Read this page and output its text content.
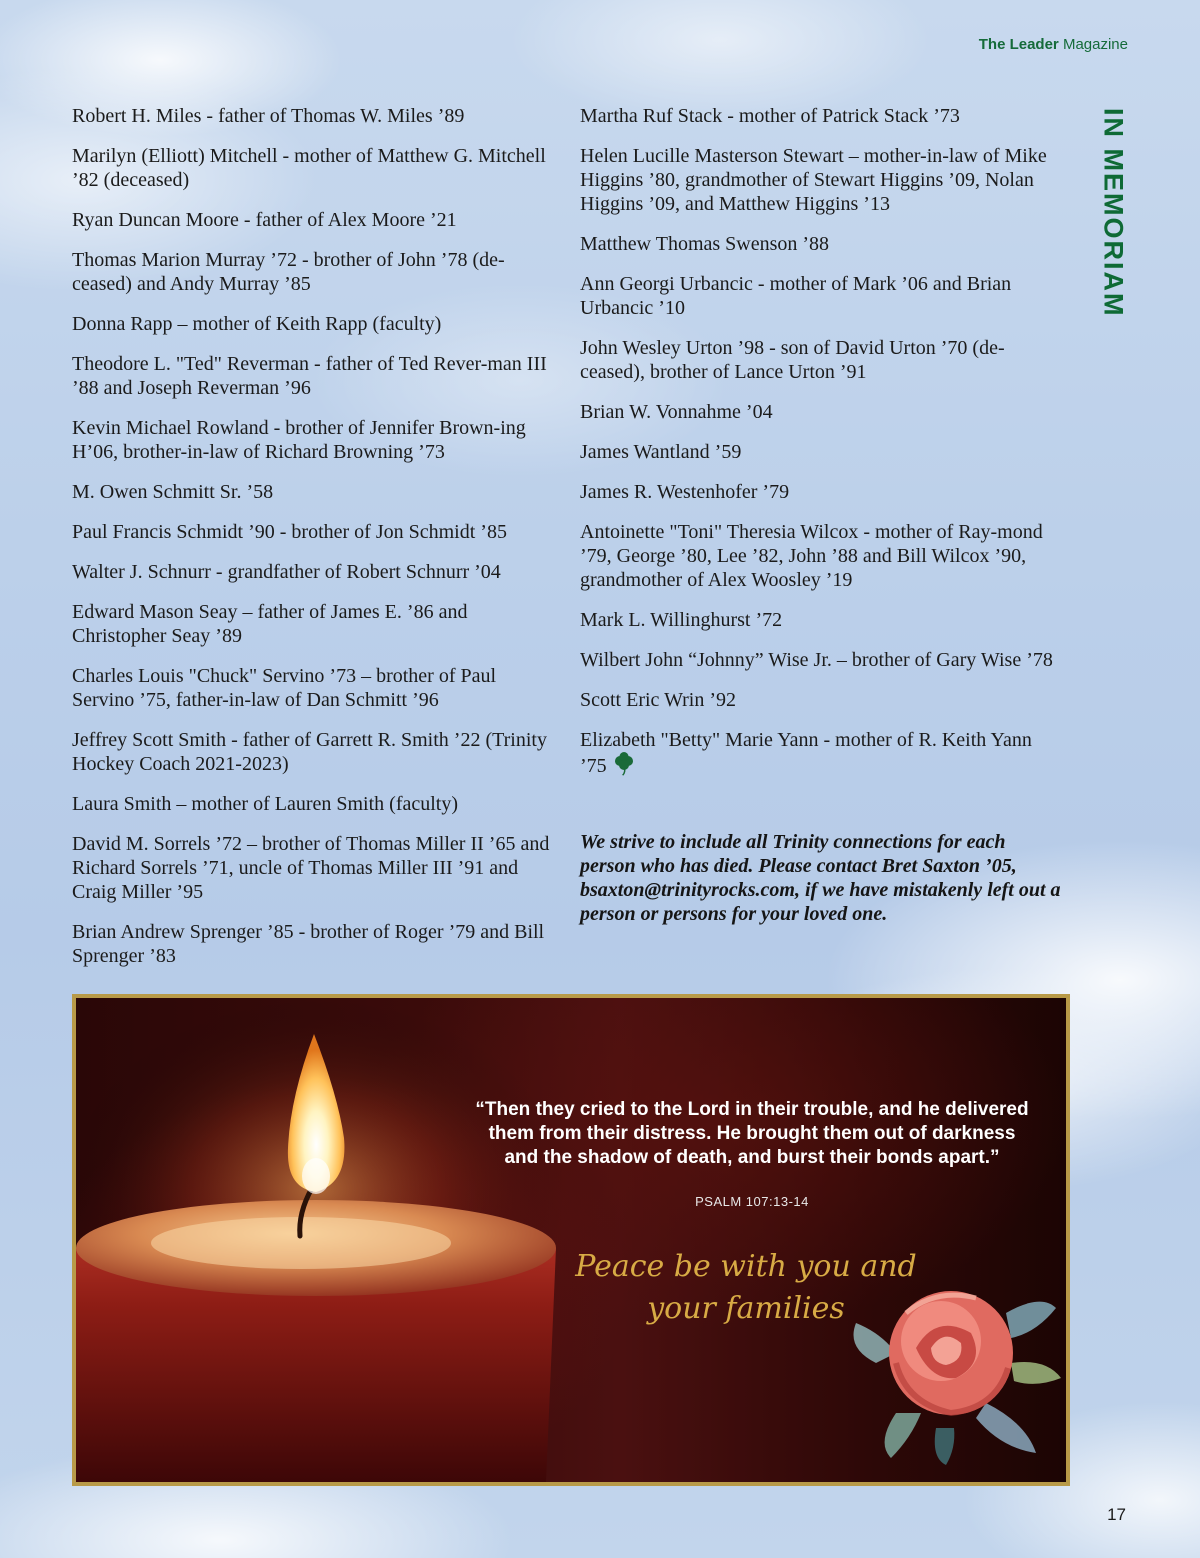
The Leader Magazine
IN MEMORIAM

Robert H. Miles - father of Thomas W. Miles ’89

Marilyn (Elliott) Mitchell - mother of Matthew G. Mitchell ’82 (deceased)

Ryan Duncan Moore - father of Alex Moore ’21

Thomas Marion Murray ’72 - brother of John ’78 (de-ceased) and Andy Murray ’85

Donna Rapp – mother of Keith Rapp (faculty)

Theodore L. "Ted" Reverman - father of Ted Rever-man III ’88 and Joseph Reverman ’96

Kevin Michael Rowland - brother of Jennifer Brown-ing H’06, brother-in-law of Richard Browning ’73

M. Owen Schmitt Sr. ’58

Paul Francis Schmidt ’90 - brother of Jon Schmidt ’85

Walter J. Schnurr - grandfather of Robert Schnurr ’04

Edward Mason Seay – father of James E. ’86 and Christopher Seay ’89

Charles Louis "Chuck" Servino ’73 – brother of Paul Servino ’75, father-in-law of Dan Schmitt ’96

Jeffrey Scott Smith - father of Garrett R. Smith ’22 (Trinity Hockey Coach 2021-2023)

Laura Smith – mother of Lauren Smith (faculty)

David M. Sorrels ’72 – brother of Thomas Miller II ’65 and Richard Sorrels ’71, uncle of Thomas Miller III ’91 and Craig Miller ’95

Brian Andrew Sprenger ’85 - brother of Roger ’79 and Bill Sprenger ’83

Martha Ruf Stack - mother of Patrick Stack ’73

Helen Lucille Masterson Stewart – mother-in-law of Mike Higgins ’80, grandmother of Stewart Higgins ’09, Nolan Higgins ’09, and Matthew Higgins ’13

Matthew Thomas Swenson ’88

Ann Georgi Urbancic - mother of Mark ’06 and Brian Urbancic ’10

John Wesley Urton ’98 - son of David Urton ’70 (de-ceased), brother of Lance Urton ’91

Brian W. Vonnahme ’04

James Wantland ’59

James R. Westenhofer ’79

Antoinette "Toni" Theresia Wilcox - mother of Ray-mond ’79, George ’80, Lee ’82, John ’88 and Bill Wilcox ’90, grandmother of Alex Woosley ’19

Mark L. Willinghurst ’72

Wilbert John “Johnny” Wise Jr. – brother of Gary Wise ’78

Scott Eric Wrin ’92

Elizabeth "Betty" Marie Yann - mother of R. Keith Yann ’75

We strive to include all Trinity connections for each person who has died. Please contact Bret Saxton ’05, bsaxton@trinityrocks.com, if we have mistakenly left out a person or persons for your loved one.

“Then they cried to the Lord in their trouble, and he delivered them from their distress. He brought them out of darkness and the shadow of death, and burst their bonds apart.”

PSALM 107:13-14

Peace be with you and your families

17
